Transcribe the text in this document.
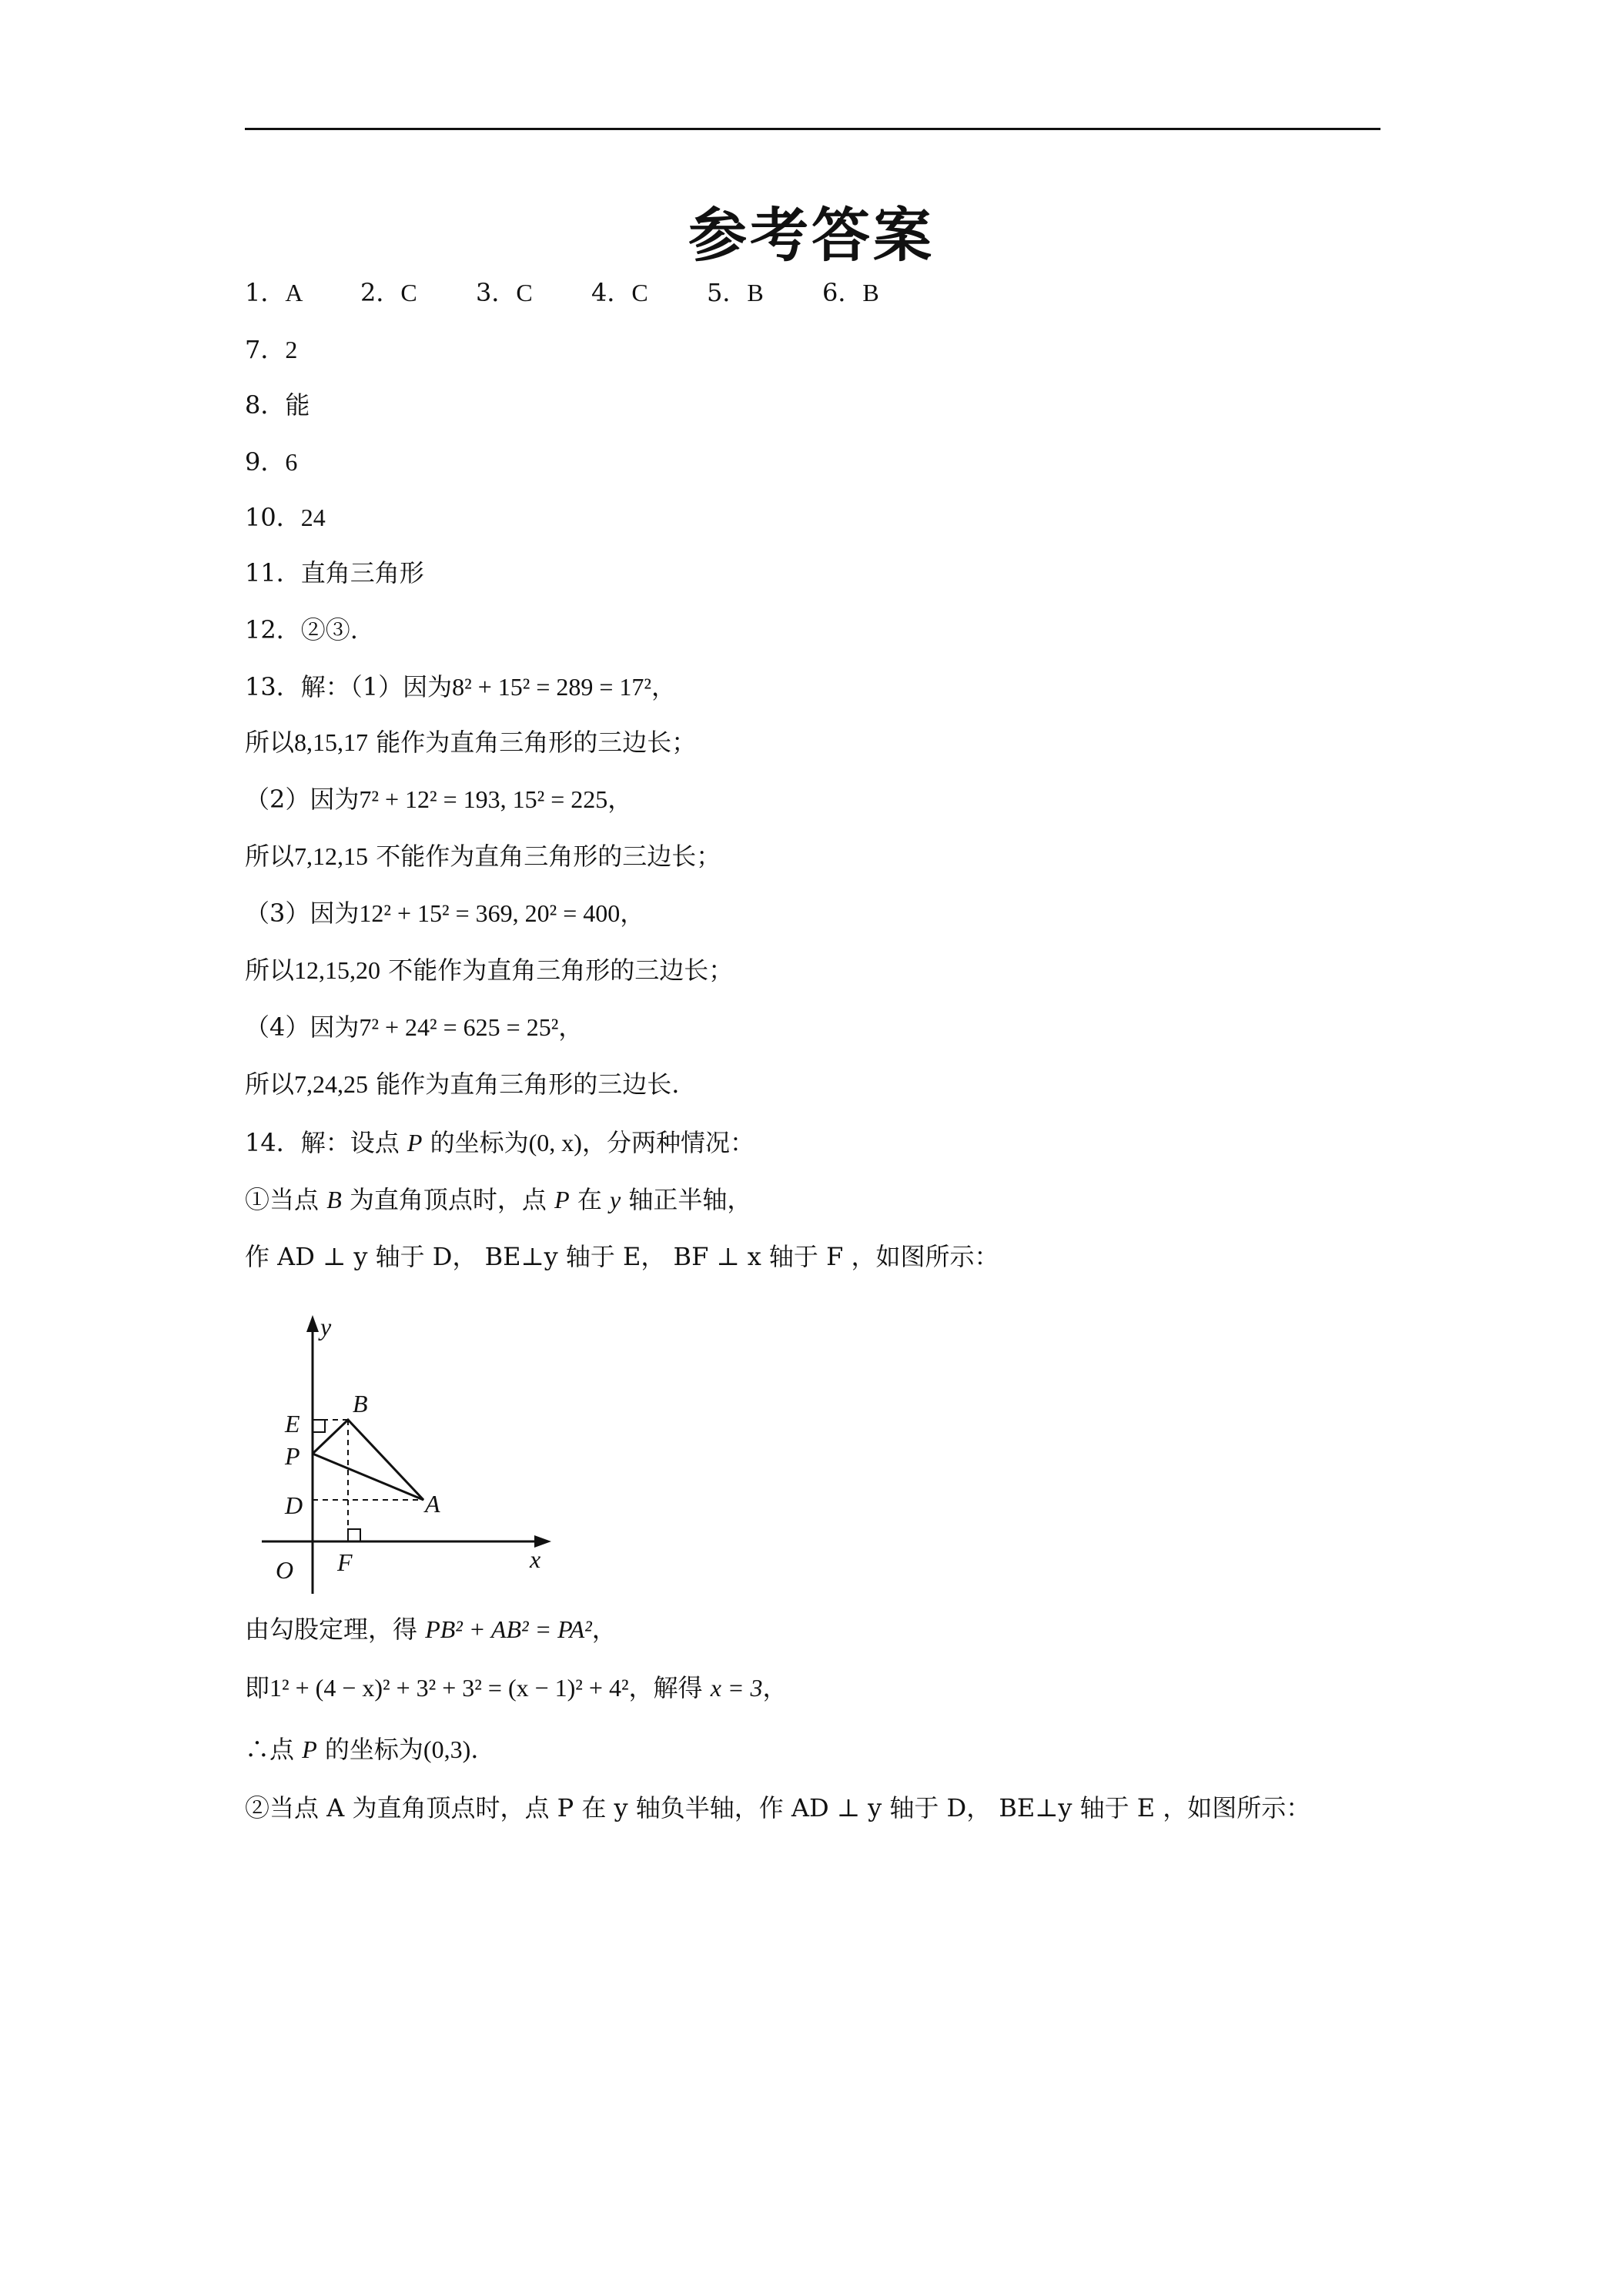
参考答案
1．A 2．C 3．C 4．C 5．B 6．B
7．2
8．能
9．6
10．24
11．直角三角形
12．②③.
13．解：（1）因为8² + 15² = 289 = 17²，
所以8,15,17 能作为直角三角形的三边长；
（2）因为7² + 12² = 193, 15² = 225，
所以7,12,15 不能作为直角三角形的三边长；
（3）因为12² + 15² = 369, 20² = 400，
所以12,15,20 不能作为直角三角形的三边长；
（4）因为7² + 24² = 625 = 25²，
所以7,24,25 能作为直角三角形的三边长.
14．解：设点 P 的坐标为(0, x)，分两种情况：
①当点 B 为直角顶点时，点 P 在 y 轴正半轴，
作 AD ⊥ y 轴于 D， BE⊥y 轴于 E， BF ⊥ x 轴于 F ，如图所示：
y
B
E
P
D	A
O F	x
由勾股定理，得 PB² + AB² = PA²，
即1² + (4 − x)² + 3² + 3² = (x − 1)² + 4²，解得 x = 3，
∴点 P 的坐标为(0,3).
②当点 A 为直角顶点时，点 P 在 y 轴负半轴，作 AD ⊥ y 轴于 D， BE⊥y 轴于 E ，如图所示：
